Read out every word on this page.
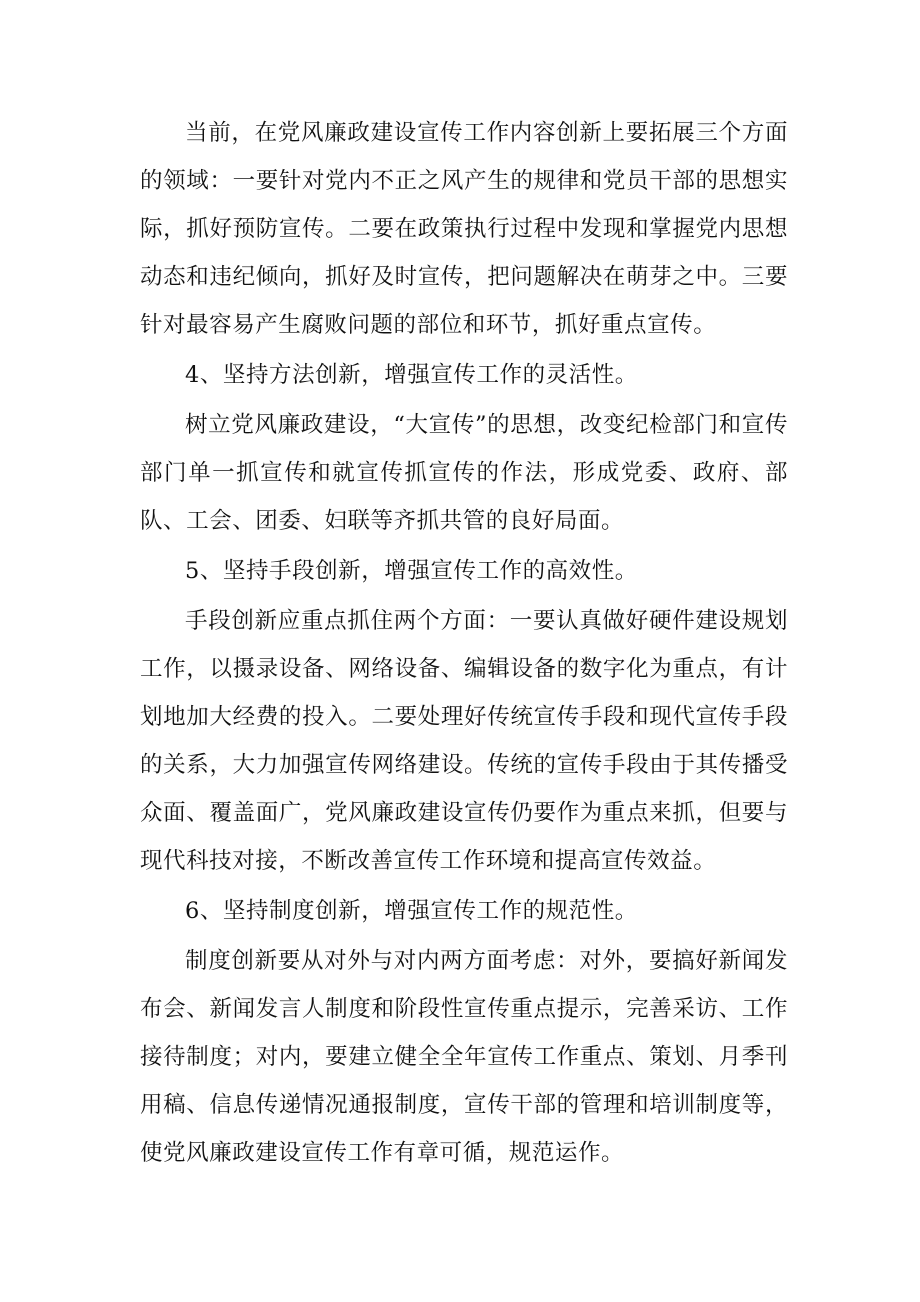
当前，在党风廉政建设宣传工作内容创新上要拓展三个方面的领域：一要针对党内不正之风产生的规律和党员干部的思想实际，抓好预防宣传。二要在政策执行过程中发现和掌握党内思想动态和违纪倾向，抓好及时宣传，把问题解决在萌芽之中。三要针对最容易产生腐败问题的部位和环节，抓好重点宣传。

4、坚持方法创新，增强宣传工作的灵活性。

树立党风廉政建设，“大宣传”的思想，改变纪检部门和宣传部门单一抓宣传和就宣传抓宣传的作法，形成党委、政府、部队、工会、团委、妇联等齐抓共管的良好局面。

5、坚持手段创新，增强宣传工作的高效性。

手段创新应重点抓住两个方面：一要认真做好硬件建设规划工作，以摄录设备、网络设备、编辑设备的数字化为重点，有计划地加大经费的投入。二要处理好传统宣传手段和现代宣传手段的关系，大力加强宣传网络建设。传统的宣传手段由于其传播受众面、覆盖面广，党风廉政建设宣传仍要作为重点来抓，但要与现代科技对接，不断改善宣传工作环境和提高宣传效益。

6、坚持制度创新，增强宣传工作的规范性。

制度创新要从对外与对内两方面考虑：对外，要搞好新闻发布会、新闻发言人制度和阶段性宣传重点提示，完善采访、工作接待制度；对内，要建立健全全年宣传工作重点、策划、月季刊用稿、信息传递情况通报制度，宣传干部的管理和培训制度等，使党风廉政建设宣传工作有章可循，规范运作。
